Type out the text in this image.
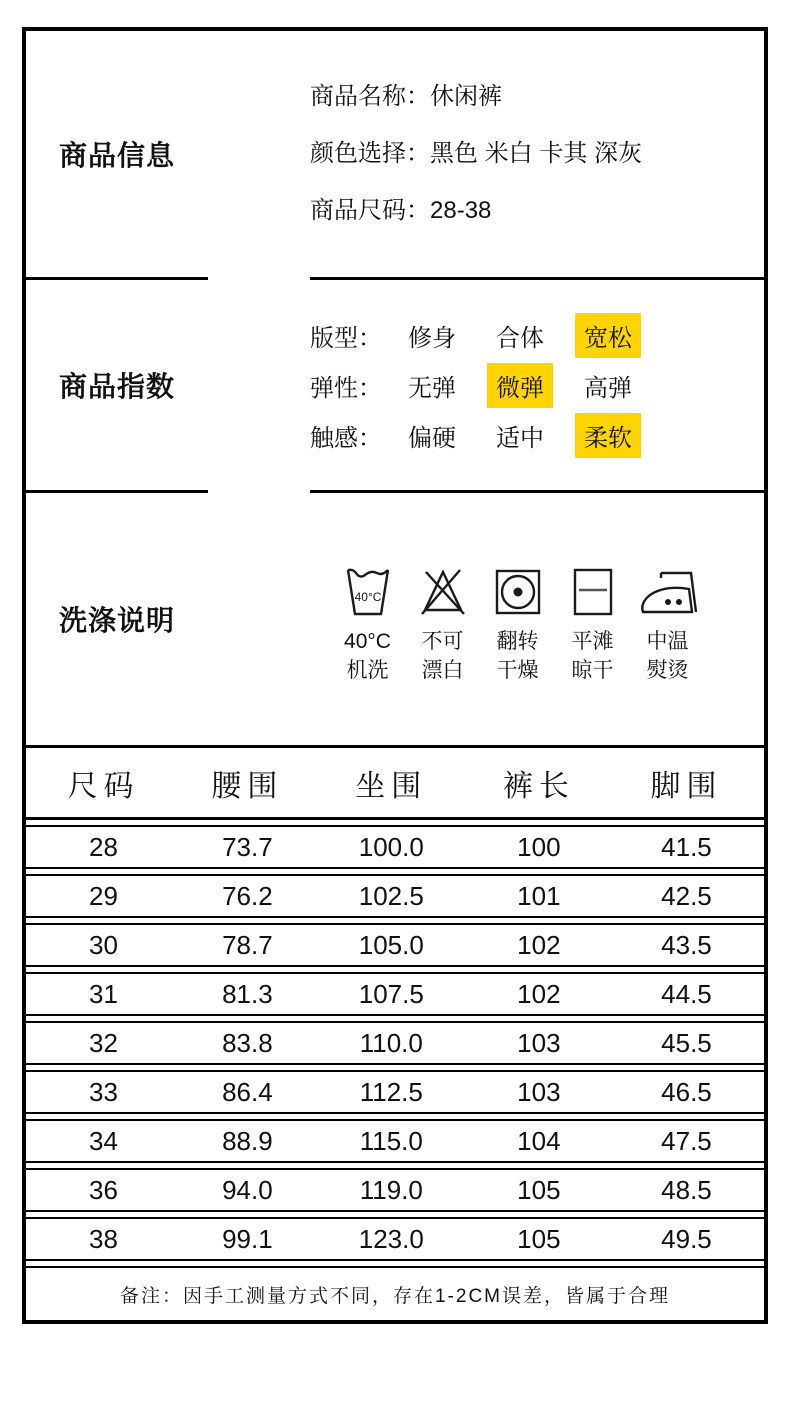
商品信息
商品名称：休闲裤
颜色选择：黑色 米白 卡其 深灰
商品尺码：28-38
商品指数
版型：	修身	合体	宽松
弹性：	无弹	微弹	高弹
触感：	偏硬	适中	柔软
洗涤说明
40°C
40°C
机洗
不可
漂白
翻转
干燥
平滩
晾干
中温
熨烫
尺码	腰围	坐围	裤长	脚围
28	73.7	100.0	100	41.5
29	76.2	102.5	101	42.5
30	78.7	105.0	102	43.5
31	81.3	107.5	102	44.5
32	83.8	110.0	103	45.5
33	86.4	112.5	103	46.5
34	88.9	115.0	104	47.5
36	94.0	119.0	105	48.5
38	99.1	123.0	105	49.5
备注：因手工测量方式不同，存在1-2CM误差，皆属于合理
